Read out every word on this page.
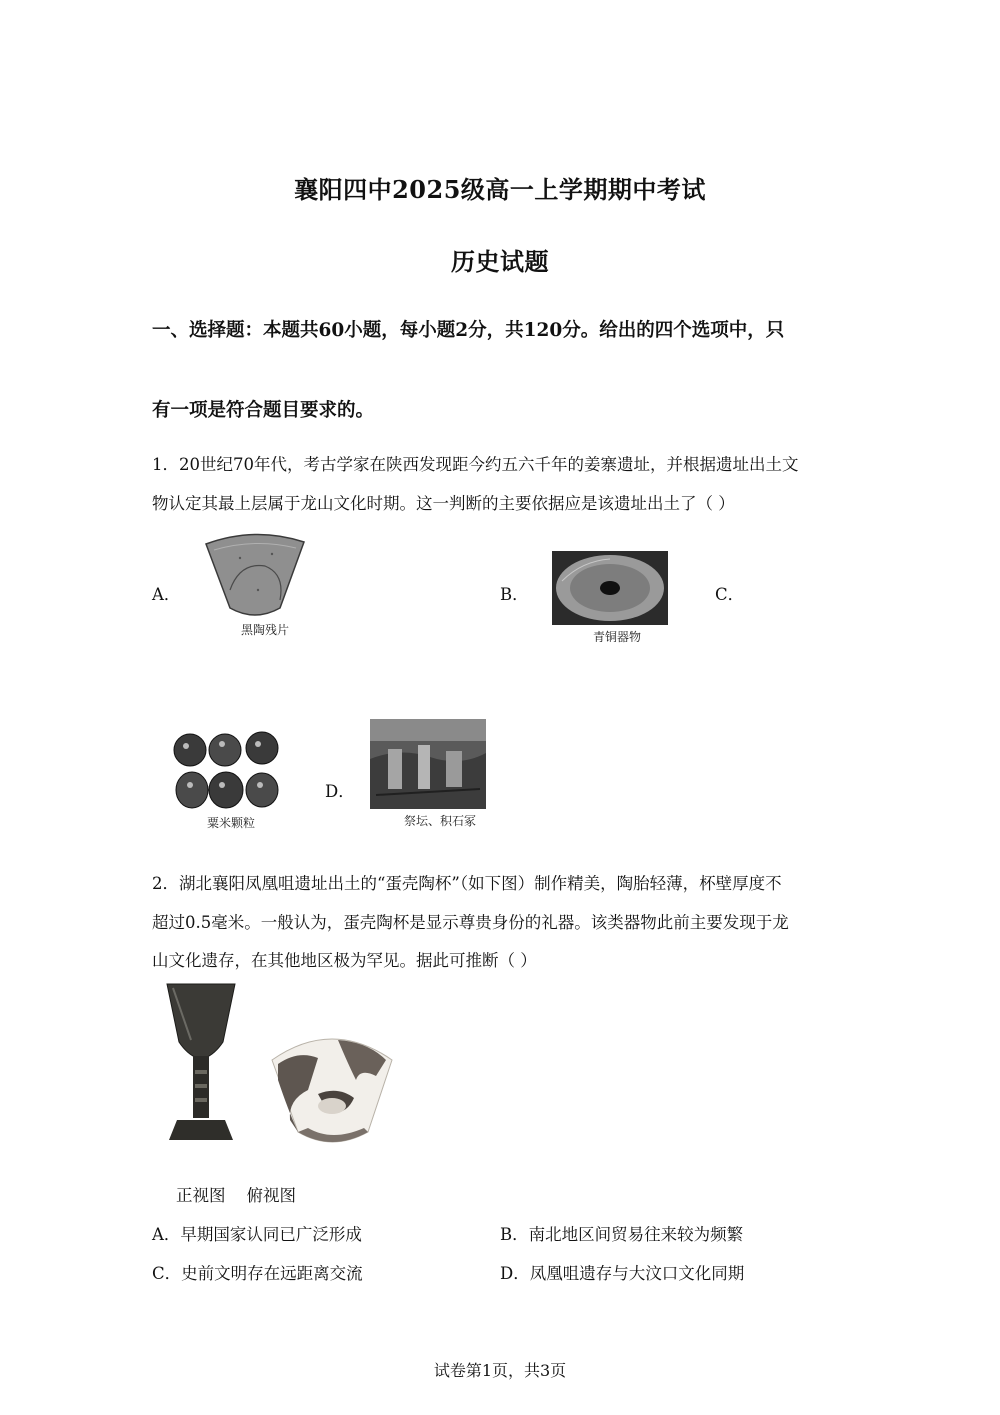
襄阳四中2025级高一上学期期中考试
历史试题
一、选择题：本题共60小题，每小题2分，共120分。给出的四个选项中，只
有一项是符合题目要求的。
1．20世纪70年代，考古学家在陕西发现距今约五六千年的姜寨遗址，并根据遗址出土文
物认定其最上层属于龙山文化时期。这一判断的主要依据应是该遗址出土了（ ）
A．
黑陶残片
B．
青铜器物
C．
粟米颗粒
D．
祭坛、积石冢
2．湖北襄阳凤凰咀遗址出土的“蛋壳陶杯”（如下图）制作精美，陶胎轻薄，杯壁厚度不
超过0.5毫米。一般认为，蛋壳陶杯是显示尊贵身份的礼器。该类器物此前主要发现于龙
山文化遗存，在其他地区极为罕见。据此可推断（ ）
正视图    俯视图
A．早期国家认同已广泛形成	B．南北地区间贸易往来较为频繁
C．史前文明存在远距离交流	D．凤凰咀遗存与大汶口文化同期
试卷第1页，共3页
